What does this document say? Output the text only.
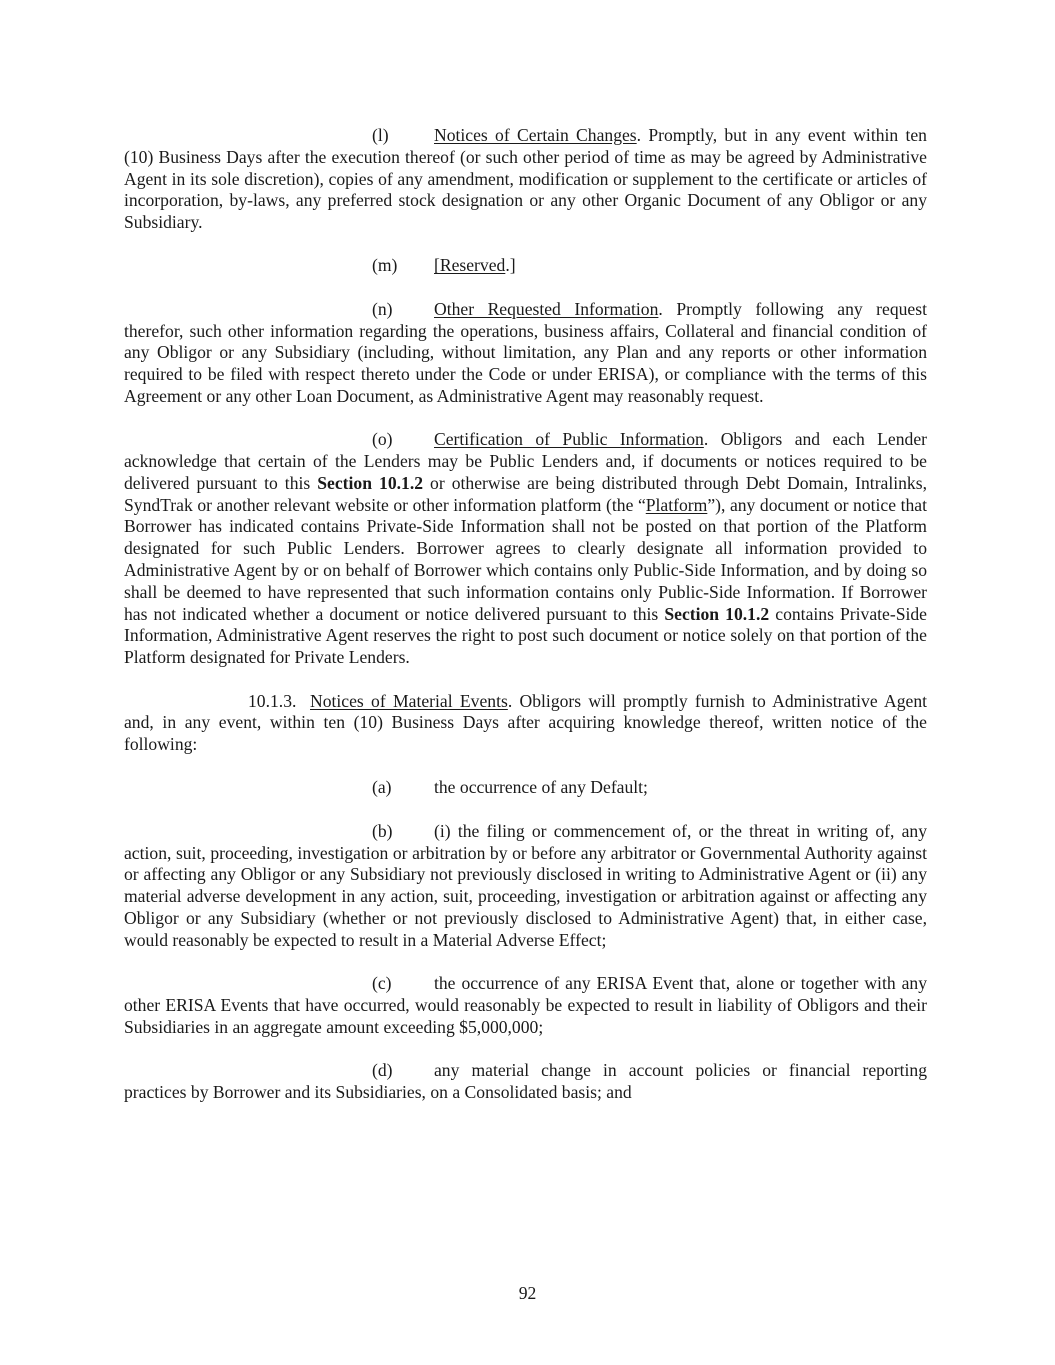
(l)	Notices of Certain Changes. Promptly, but in any event within ten (10) Business Days after the execution thereof (or such other period of time as may be agreed by Administrative Agent in its sole discretion), copies of any amendment, modification or supplement to the certificate or articles of incorporation, by-laws, any preferred stock designation or any other Organic Document of any Obligor or any Subsidiary.

(m) [Reserved.]

(n) Other Requested Information. Promptly following any request therefor, such other information regarding the operations, business affairs, Collateral and financial condition of any Obligor or any Subsidiary (including, without limitation, any Plan and any reports or other information required to be filed with respect thereto under the Code or under ERISA), or compliance with the terms of this Agreement or any other Loan Document, as Administrative Agent may reasonably request.

(o) Certification of Public Information. Obligors and each Lender acknowledge that certain of the Lenders may be Public Lenders and, if documents or notices required to be delivered pursuant to this Section 10.1.2 or otherwise are being distributed through Debt Domain, Intralinks, SyndTrak or another relevant website or other information platform (the “Platform”), any document or notice that Borrower has indicated contains Private-Side Information shall not be posted on that portion of the Platform designated for such Public Lenders. Borrower agrees to clearly designate all information provided to Administrative Agent by or on behalf of Borrower which contains only Public-Side Information, and by doing so shall be deemed to have represented that such information contains only Public-Side Information. If Borrower has not indicated whether a document or notice delivered pursuant to this Section 10.1.2 contains Private-Side Information, Administrative Agent reserves the right to post such document or notice solely on that portion of the Platform designated for Private Lenders.

10.1.3. Notices of Material Events. Obligors will promptly furnish to Administrative Agent and, in any event, within ten (10) Business Days after acquiring knowledge thereof, written notice of the following:

(a) the occurrence of any Default;

(b) (i) the filing or commencement of, or the threat in writing of, any action, suit, proceeding, investigation or arbitration by or before any arbitrator or Governmental Authority against or affecting any Obligor or any Subsidiary not previously disclosed in writing to Administrative Agent or (ii) any material adverse development in any action, suit, proceeding, investigation or arbitration against or affecting any Obligor or any Subsidiary (whether or not previously disclosed to Administrative Agent) that, in either case, would reasonably be expected to result in a Material Adverse Effect;

(c) the occurrence of any ERISA Event that, alone or together with any other ERISA Events that have occurred, would reasonably be expected to result in liability of Obligors and their Subsidiaries in an aggregate amount exceeding $5,000,000;

(d) any material change in account policies or financial reporting practices by Borrower and its Subsidiaries, on a Consolidated basis; and

92
